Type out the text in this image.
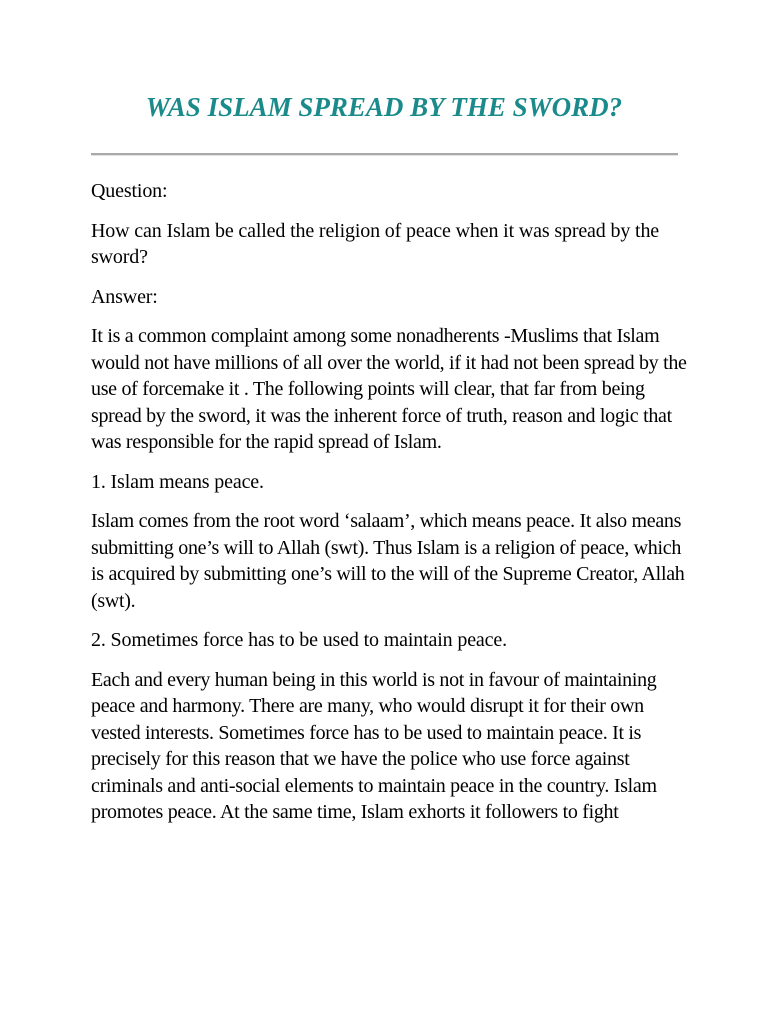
WAS ISLAM SPREAD BY THE SWORD?

Question:

How can Islam be called the religion of peace when it was spread by the sword?

Answer:

It is a common complaint among some nonadherents -Muslims that Islam would not have millions of all over the world, if it had not been spread by the use of forcemake it . The following points will clear, that far from being spread by the sword, it was the inherent force of truth, reason and logic that was responsible for the rapid spread of Islam.

1. Islam means peace.

Islam comes from the root word ‘salaam’, which means peace. It also means submitting one’s will to Allah (swt). Thus Islam is a religion of peace, which is acquired by submitting one’s will to the will of the Supreme Creator, Allah (swt).

2. Sometimes force has to be used to maintain peace.

Each and every human being in this world is not in favour of maintaining peace and harmony. There are many, who would disrupt it for their own vested interests. Sometimes force has to be used to maintain peace. It is precisely for this reason that we have the police who use force against criminals and anti-social elements to maintain peace in the country. Islam promotes peace. At the same time, Islam exhorts it followers to fight
